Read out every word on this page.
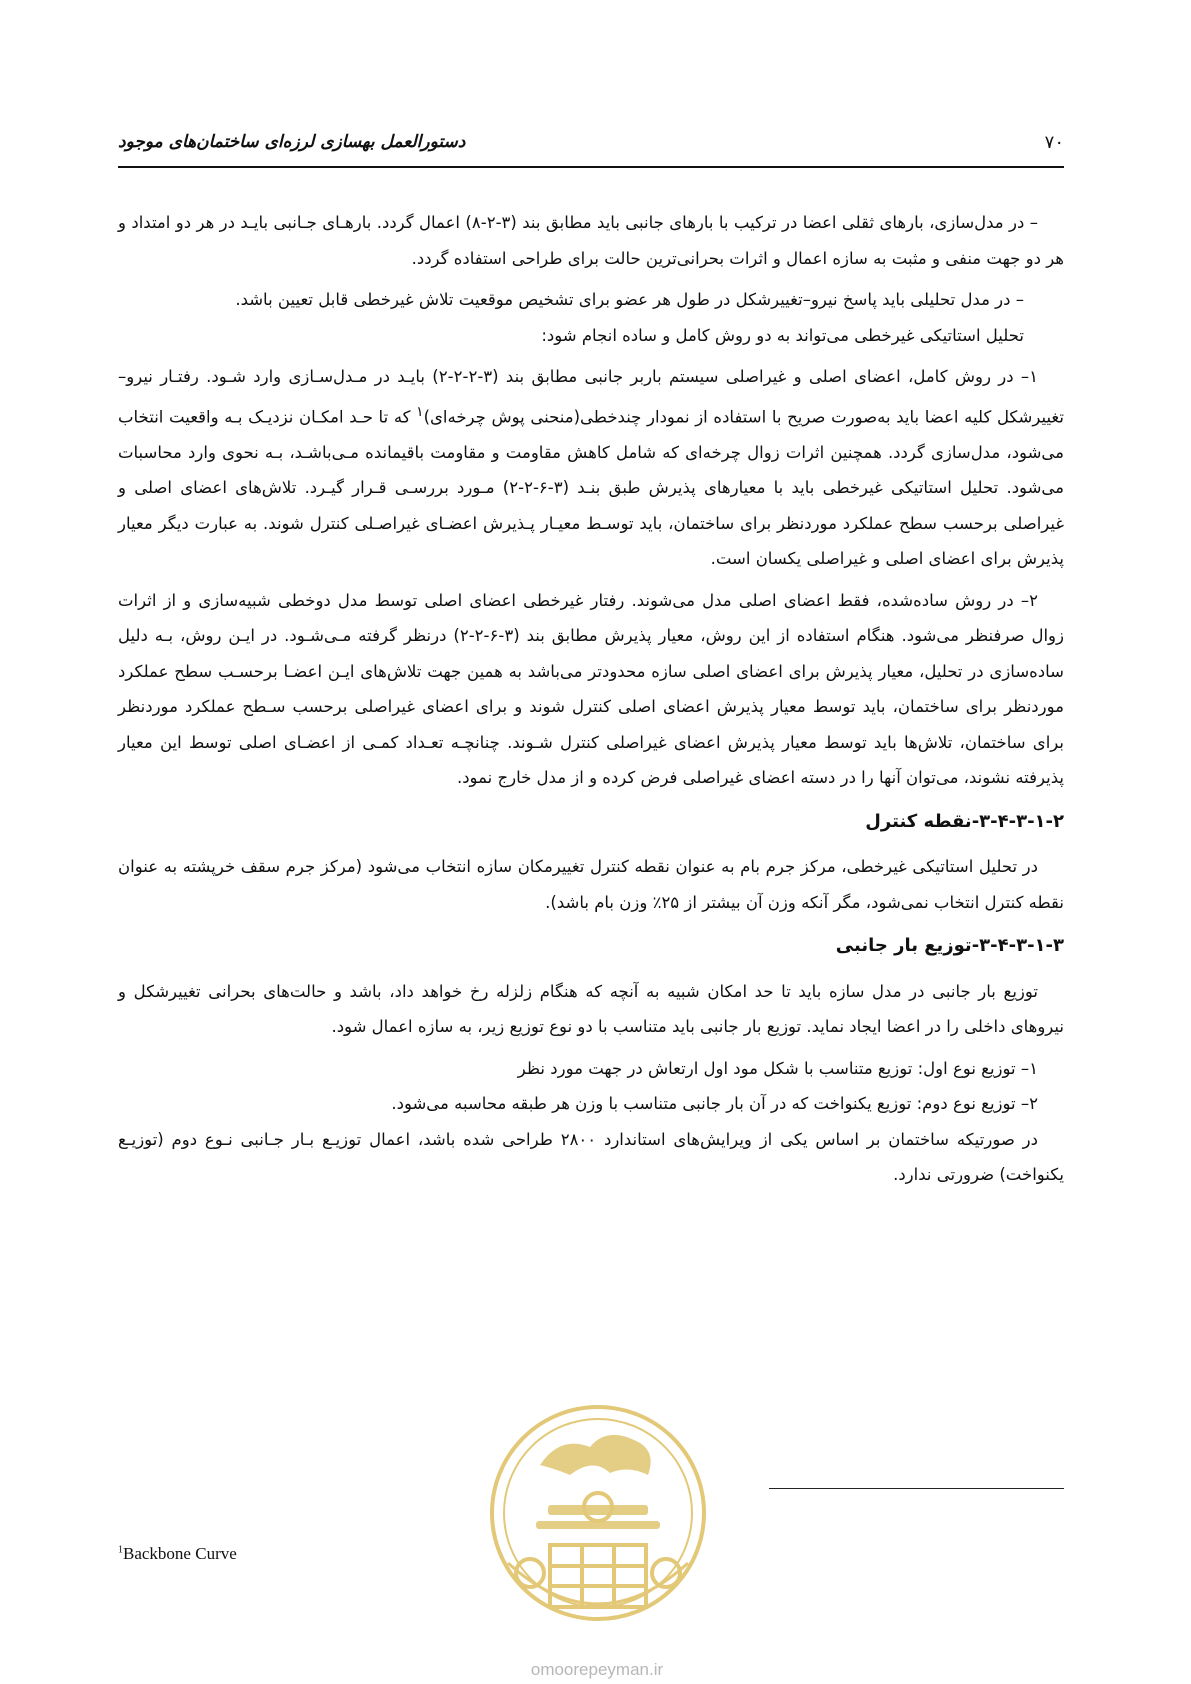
۷۰
دستورالعمل بهسازی لرزه‌ای ساختمان‌های موجود

– در مدل‌سازی، بارهای ثقلی اعضا در ترکیب با بارهای جانبی باید مطابق بند (۳-۲-۸) اعمال گردد. بارهـای جـانبی بایـد در هر دو امتداد و هر دو جهت منفی و مثبت به سازه اعمال و اثرات بحرانی‌ترین حالت برای طراحی استفاده گردد.

– در مدل تحلیلی باید پاسخ نیرو–تغییرشکل در طول هر عضو برای تشخیص موقعیت تلاش غیرخطی قابل تعیین باشد.

تحلیل استاتیکی غیرخطی می‌تواند به دو روش کامل و ساده انجام شود:

۱– در روش کامل، اعضای اصلی و غیراصلی سیستم باربر جانبی مطابق بند (۳-۲-۲-۲) بایـد در مـدل‌سـازی وارد شـود. رفتـار نیرو–تغییرشکل کلیه اعضا باید به‌صورت صریح با استفاده از نمودار چندخطی(منحنی پوش چرخه‌ای)$^۱$ که تا حـد امکـان نزدیـک بـه واقعیت انتخاب می‌شود، مدل‌سازی گردد. همچنین اثرات زوال چرخه‌ای که شامل کاهش مقاومت و مقاومت باقیمانده مـی‌باشـد، بـه نحوی وارد محاسبات می‌شود. تحلیل استاتیکی غیرخطی باید با معیارهای پذیرش طبق بنـد (۳-۶-۲-۲) مـورد بررسـی قـرار گیـرد. تلاش‌های اعضای اصلی و غیراصلی برحسب سطح عملکرد موردنظر برای ساختمان، باید توسـط معیـار پـذیرش اعضـای غیراصـلی کنترل شوند. به عبارت دیگر معیار پذیرش برای اعضای اصلی و غیراصلی یکسان است.

۲– در روش ساده‌شده، فقط اعضای اصلی مدل می‌شوند. رفتار غیرخطی اعضای اصلی توسط مدل دوخطی شبیه‌سازی و از اثرات زوال صرفنظر می‌شود. هنگام استفاده از این روش، معیار پذیرش مطابق بند (۳-۶-۲-۲) درنظر گرفته مـی‌شـود. در ایـن روش، بـه دلیل ساده‌سازی در تحلیل، معیار پذیرش برای اعضای اصلی سازه محدودتر می‌باشد به همین جهت تلاش‌های ایـن اعضـا برحسـب سطح عملکرد موردنظر برای ساختمان، باید توسط معیار پذیرش اعضای اصلی کنترل شوند و برای اعضای غیراصلی برحسب سـطح عملکرد موردنظر برای ساختمان، تلاش‌ها باید توسط معیار پذیرش اعضای غیراصلی کنترل شـوند. چنانچـه تعـداد کمـی از اعضـای اصلی توسط این معیار پذیرفته نشوند، می‌توان آنها را در دسته اعضای غیراصلی فرض کرده و از مدل خارج نمود.

۳-۴-۳-۱-۲-نقطه کنترل

در تحلیل استاتیکی غیرخطی، مرکز جرم بام به عنوان نقطه کنترل تغییرمکان سازه انتخاب می‌شود (مرکز جرم سقف خرپشته به عنوان نقطه کنترل انتخاب نمی‌شود، مگر آنکه وزن آن بیشتر از ۲۵٪ وزن بام باشد).

۳-۴-۳-۱-۳-توزیع بار جانبی

توزیع بار جانبی در مدل سازه باید تا حد امکان شبیه به آنچه که هنگام زلزله رخ خواهد داد، باشد و حالت‌های بحرانی تغییرشکل و نیروهای داخلی را در اعضا ایجاد نماید. توزیع بار جانبی باید متناسب با دو نوع توزیع زیر، به سازه اعمال شود.

۱– توزیع نوع اول: توزیع متناسب با شکل مود اول ارتعاش در جهت مورد نظر

۲– توزیع نوع دوم: توزیع یکنواخت که در آن بار جانبی متناسب با وزن هر طبقه محاسبه می‌شود.

در صورتیکه ساختمان بر اساس یکی از ویرایش‌های استاندارد ۲۸۰۰ طراحی شده باشد، اعمال توزیـع بـار جـانبی نـوع دوم (توزیـع یکنواخت) ضرورتی ندارد.

omoorepeyman.ir
$^1$Backbone Curve
